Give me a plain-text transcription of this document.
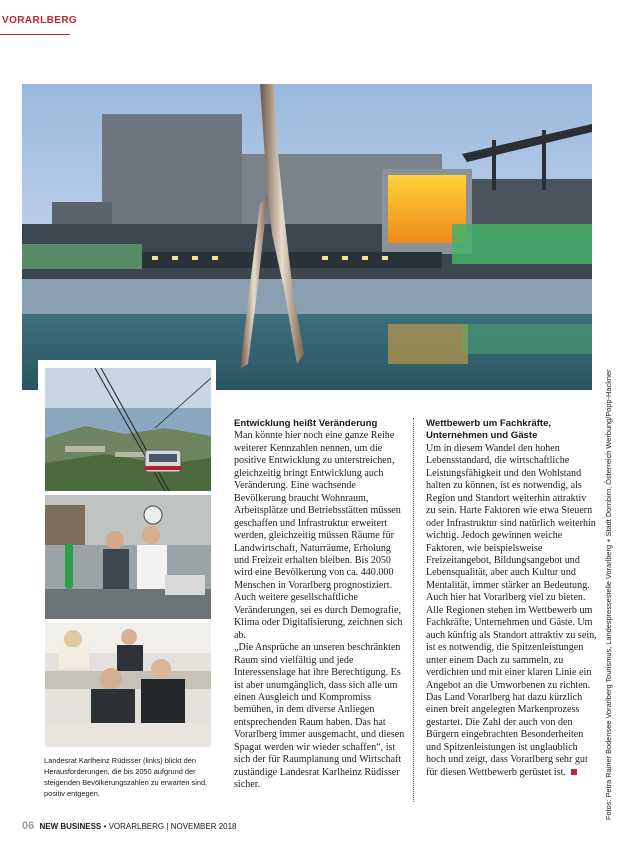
VORARLBERG
Fotos: Petra Rainer Bodensee Vorarlberg Tourismus, Landespressestelle Vorarlberg + Stadt Dornbirn, Österreich Werbung/Popp-Hackner
Landesrat Karlheinz Rüdisser (links) blickt den Herausforderungen, die bis 2050 aufgrund der steigenden Bevölkerungszahlen zu erwarten sind, positiv entgegen.
Entwicklung heißt Veränderung

Man könnte hier noch eine ganze Reihe weiterer Kennzahlen nennen, um die positive Entwicklung zu unterstreichen, gleichzeitig bringt Entwicklung auch Veränderung. Eine wachsende Bevölkerung braucht Wohnraum, Arbeitsplätze und Betriebsstätten müssen geschaffen und Infrastruktur erweitert werden, gleichzeitig müssen Räume für Landwirtschaft, Naturräume, Erholung und Freizeit erhalten bleiben. Bis 2050 wird eine Bevölkerung von ca. 440.000 Menschen in Vorarlberg prognostiziert. Auch weitere gesellschaftliche Veränderungen, sei es durch Demografie, Klima oder Digitalisierung, zeichnen sich ab.

„Die Ansprüche an unseren beschränkten Raum sind vielfältig und jede Interessenslage hat ihre Berechtigung. Es ist aber unumgänglich, dass sich alle um einen Ausgleich und Kompromiss bemühen, in dem diverse Anliegen entsprechenden Raum haben. Das hat Vorarlberg immer ausgemacht, und diesen Spagat werden wir wieder schaffen“, ist sich der für Raumplanung und Wirtschaft zuständige Landesrat Karlheinz Rüdisser sicher.

Wettbewerb um Fachkräfte, Unternehmen und Gäste

Um in diesem Wandel den hohen Lebensstandard, die wirtschaftliche Leistungsfähigkeit und den Wohlstand halten zu können, ist es notwendig, als Region und Standort weiterhin attraktiv zu sein. Harte Faktoren wie etwa Steuern oder Infrastruktur sind natürlich weiterhin wichtig. Jedoch gewinnen weiche Faktoren, wie beispielsweise Freizeitangebot, Bildungsangebot und Lebensqualität, aber auch Kultur und Mentalität, immer stärker an Bedeutung. Auch hier hat Vorarlberg viel zu bieten.

Alle Regionen stehen im Wettbewerb um Fachkräfte, Unternehmen und Gäste. Um auch künftig als Standort attraktiv zu sein, ist es notwendig, die Spitzenleistungen unter einem Dach zu sammeln, zu verdichten und mit einer klaren Linie ein Angebot an die Umworbenen zu richten. Das Land Vorarlberg hat dazu kürzlich einen breit angelegten Markenprozess gestartet. Die Zahl der auch von den Bürgern eingebrachten Besonderheiten und Spitzenleistungen ist unglaublich hoch und zeigt, dass Vorarlberg sehr gut für diesen Wettbewerb gerüstet ist.

06 NEW BUSINESS • VORARLBERG | NOVEMBER 2018
